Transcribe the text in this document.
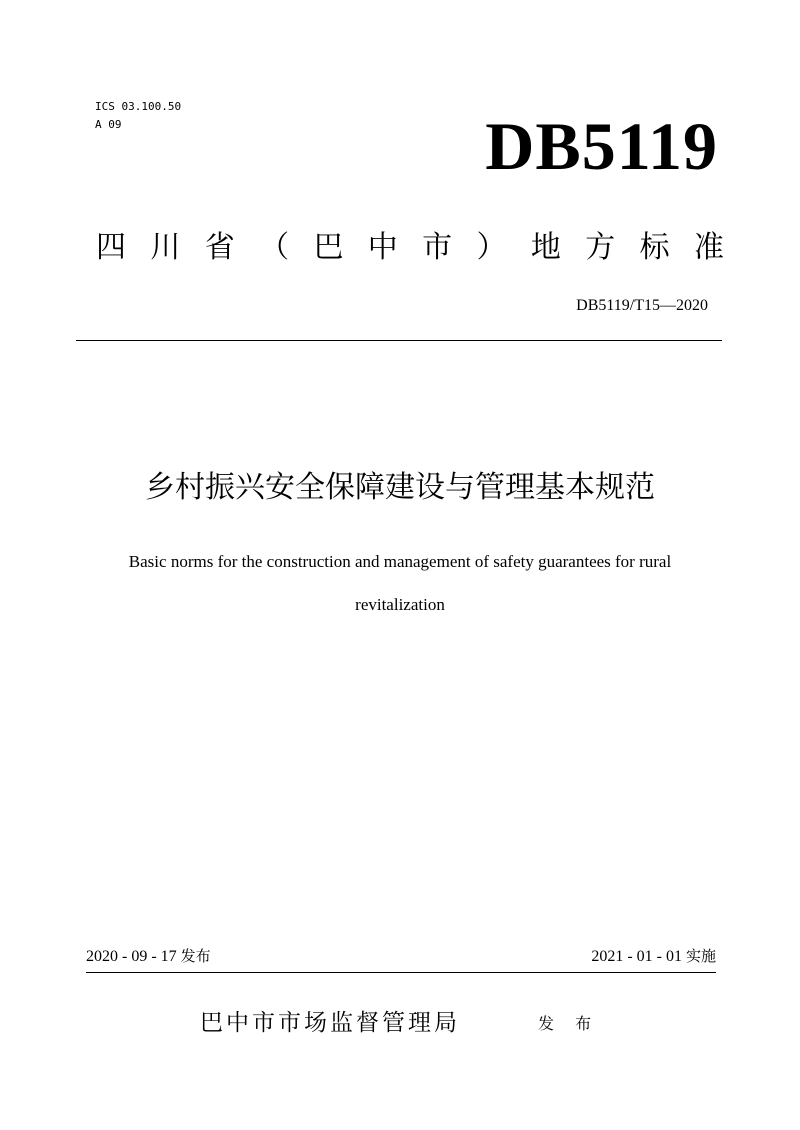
ICS 03.100.50
A 09	DB5119
四 川 省 （ 巴 中 市 ） 地 方 标 准
DB5119/T15—2020
乡村振兴安全保障建设与管理基本规范
Basic norms for the construction and management of safety guarantees for rural
revitalization
2020 - 09 - 17 发布	2021 - 01 - 01 实施
巴中市市场监督管理局	发 布
